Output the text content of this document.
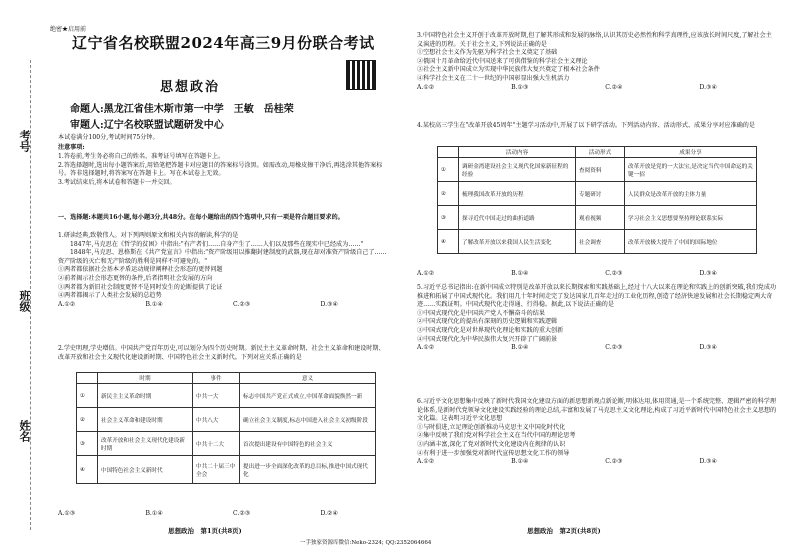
考号
班级
姓名
绝密★启用前
辽宁省名校联盟2024年高三9月份联合考试
思想政治
命题人:黑龙江省佳木斯市第一中学　王敏　岳桂荣
审题人:辽宁名校联盟试题研发中心
本试卷满分100分,考试时间75分钟。
注意事项:

1.答卷前,考生务必将自己的姓名、准考证号填写在答题卡上。

2.答选择题时,选出每小题答案后,用铅笔把答题卡对应题目的答案标号涂黑。如需改动,用橡皮擦干净后,再选涂其他答案标号。答非选择题时,将答案写在答题卡上。写在本试卷上无效。

3.考试结束后,将本试卷和答题卡一并交回。

一、选择题:本题共16小题,每小题3分,共48分。在每小题给出的四个选项中,只有一项是符合题目要求的。

1.研读经典,致敬伟人。对下列两则原文和相关内容的解读,科学的是

1847年,马克思在《哲学的贫困》中指出:"有产者们……自身产生了……人们以及那些在现实中已经成为……"

1848年,马克思、恩格斯在《共产党宣言》中指出:"资产阶级用以推翻封建制度的武器,现在却对准资产阶级自己了……资产阶级的灭亡和无产阶级的胜利是同样不可避免的。"

①两者都依据社会基本矛盾运动规律阐释社会形态的更替问题

②前者揭示社会形态更替的条件,后者指明社会发展的方向

③两者都为新旧社会制度更替不是同时发生的论断提供了论证

④两者都揭示了人类社会发展的总趋势

A.①②	B.①④	C.②③	D.③④

2.学史明理,学史增信。中国共产党百年历史,可以划分为四个历史时期。新民主主义革命时期、社会主义革命和建设时期、改革开放和社会主义现代化建设新时期、中国特色社会主义新时代。下列对应关系正确的是
	时期	事件	意义
①	新民主主义革命时期	中共一大	标志中国共产党正式成立,中国革命面貌焕然一新
②	社会主义革命和建设时期	中共八大	确立社会主义制度,标志中国进入社会主义初级阶段
③	改革开放和社会主义现代化建设新时期	中共十二大	首次提出建设有中国特色的社会主义
④	中国特色社会主义新时代	中共二十届三中全会	提出进一步全面深化改革的总目标,推进中国式现代化
A.①③	B.①④	C.②③	D.②④
思想政治　第1页(共8页)

3.中国特色社会主义开创于改革开放时期,但了解其形成和发展的脉络,认识其历史必然性和科学真理性,应该放长时间尺度,了解社会主义演进的历程。关于社会主义,下列说法正确的是

①空想社会主义作为先驱为科学社会主义奠定了基础

②俄国十月革命给近代中国送来了可供借鉴的科学社会主义理论

③社会主义新中国成立为实现中华民族伟大复兴奠定了根本社会条件

④科学社会主义在二十一世纪的中国彰显出强大生机活力

A.①②	B.①③	C.②④	D.③④

4.某校高三学生在"改革开放45周年"主题学习活动中,开展了以下研学活动。下列活动内容、活动形式、成果分享对应准确的是
	活动内容	活动形式	成果分享
①	调研金湾建设社会主义现代化国家新征程的经验	查阅资料	改革开放是党的一大法宝,是决定当代中国命运的关键一招
②	梳理我国改革开放的历程	专题研讨	人民群众是改革开放的主体力量
③	探寻近代中国走过的曲折道路	观看视频	学习社会主义思想要坚持理论联系实际
④	了解改革开放以来我国人民生活变化	社会调查	改革开放极大提升了中国的国际地位
A.①②	B.①④	C.②③	D.③④

5.习近平总书记指出:在新中国成立特别是改革开放以来长期探索和实践基础上,经过十八大以来在理论和实践上的创新突破,我们党成功推进和拓展了中国式现代化。我们用几十年时间走完了发达国家几百年走过的工业化历程,创造了经济快速发展和社会长期稳定两大奇迹……实践证明。中国式现代化走得通、行得稳。据此,以下说法正确的是

①中国式现代化是中国共产党人不懈奋斗的结果

②中国式现代化的提出有深刻的历史逻辑和实践逻辑

③中国式现代化是对世界现代化理论和实践的重大创新

④中国式现代化为中华民族伟大复兴开辟了广阔前景

A.①②	B.①④	C.②③	D.③④

6.习近平文化思想集中反映了新时代我国文化建设方面的新思想新观点新论断,明体达用,体用贯通,是一个系统完整、逻辑严密的科学理论体系,是新时代党领导文化建设实践经验的理论总结,丰富和发展了马克思主义文化理论,构成了习近平新时代中国特色社会主义思想的文化篇。这表明习近平文化思想

①与时俱进,立足理论创新推动马克思主义中国化时代化

②集中反映了我们党对科学社会主义在当代中国的理论思考

③内涵丰富,深化了党对新时代文化建设内在规律的认识

④有利于进一步加强党对新时代宣传思想文化工作的领导

A.①②	B.①④	C.②③	D.③④

思想政治　第2页(共8页)
一手独家资源库微信:Neko-2324; QQ:2352064664
